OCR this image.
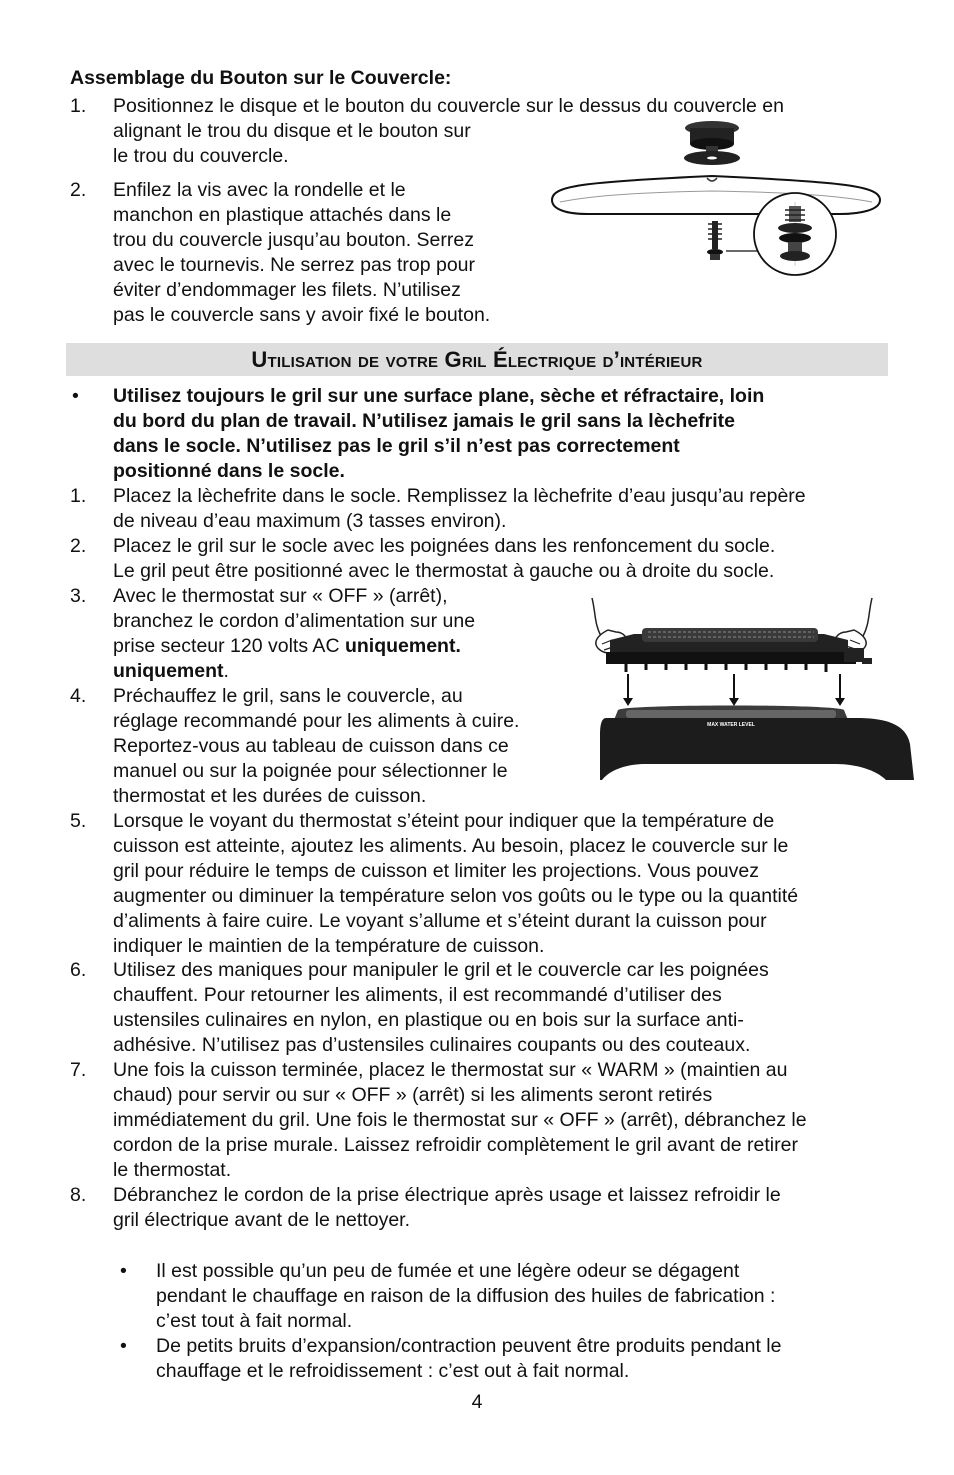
Assemblage du Bouton sur le Couvercle:
1. Positionnez le disque et le bouton du couvercle sur le dessus du couvercle en
alignant le trou du disque et le bouton sur
le trou du couvercle.
2. Enfilez la vis avec la rondelle et le
manchon en plastique attachés dans le
trou du couvercle jusqu’au bouton. Serrez
avec le tournevis. Ne serrez pas trop pour
éviter d’endommager les filets. N’utilisez
pas le couvercle sans y avoir fixé le bouton.
Utilisation de votre Gril Électrique d’intérieur
• Utilisez toujours le gril sur une surface plane, sèche et réfractaire, loin
du bord du plan de travail. N’utilisez jamais le gril sans la lèchefrite
dans le socle. N’utilisez pas le gril s’il n’est pas correctement
positionné dans le socle.
1. Placez la lèchefrite dans le socle. Remplissez la lèchefrite d’eau jusqu’au repère
de niveau d’eau maximum (3 tasses environ).
2. Placez le gril sur le socle avec les poignées dans les renfoncement du socle.
Le gril peut être positionné avec le thermostat à gauche ou à droite du socle.
3. Avec le thermostat sur « OFF » (arrêt),
branchez le cordon d’alimentation sur une
prise secteur 120 volts AC uniquement.
uniquement.
4. Préchauffez le gril, sans le couvercle, au
réglage recommandé pour les aliments à cuire.
Reportez-vous au tableau de cuisson dans ce
manuel ou sur la poignée pour sélectionner le
thermostat et les durées de cuisson.
MAX WATER LEVEL
5. Lorsque le voyant du thermostat s’éteint pour indiquer que la température de
cuisson est atteinte, ajoutez les aliments. Au besoin, placez le couvercle sur le
gril pour réduire le temps de cuisson et limiter les projections. Vous pouvez
augmenter ou diminuer la température selon vos goûts ou le type ou la quantité
d’aliments à faire cuire. Le voyant s’allume et s’éteint durant la cuisson pour
indiquer le maintien de la température de cuisson.
6. Utilisez des maniques pour manipuler le gril et le couvercle car les poignées
chauffent. Pour retourner les aliments, il est recommandé d’utiliser des
ustensiles culinaires en nylon, en plastique ou en bois sur la surface anti-
adhésive. N’utilisez pas d’ustensiles culinaires coupants ou des couteaux.
7. Une fois la cuisson terminée, placez le thermostat sur « WARM » (maintien au
chaud) pour servir ou sur « OFF » (arrêt) si les aliments seront retirés
immédiatement du gril. Une fois le thermostat sur « OFF » (arrêt), débranchez le
cordon de la prise murale. Laissez refroidir complètement le gril avant de retirer
le thermostat.
8. Débranchez le cordon de la prise électrique après usage et laissez refroidir le
gril électrique avant de le nettoyer.
• Il est possible qu’un peu de fumée et une légère odeur se dégagent
pendant le chauffage en raison de la diffusion des huiles de fabrication :
c’est tout à fait normal.
• De petits bruits d’expansion/contraction peuvent être produits pendant le
chauffage et le refroidissement : c’est out à fait normal.
4
